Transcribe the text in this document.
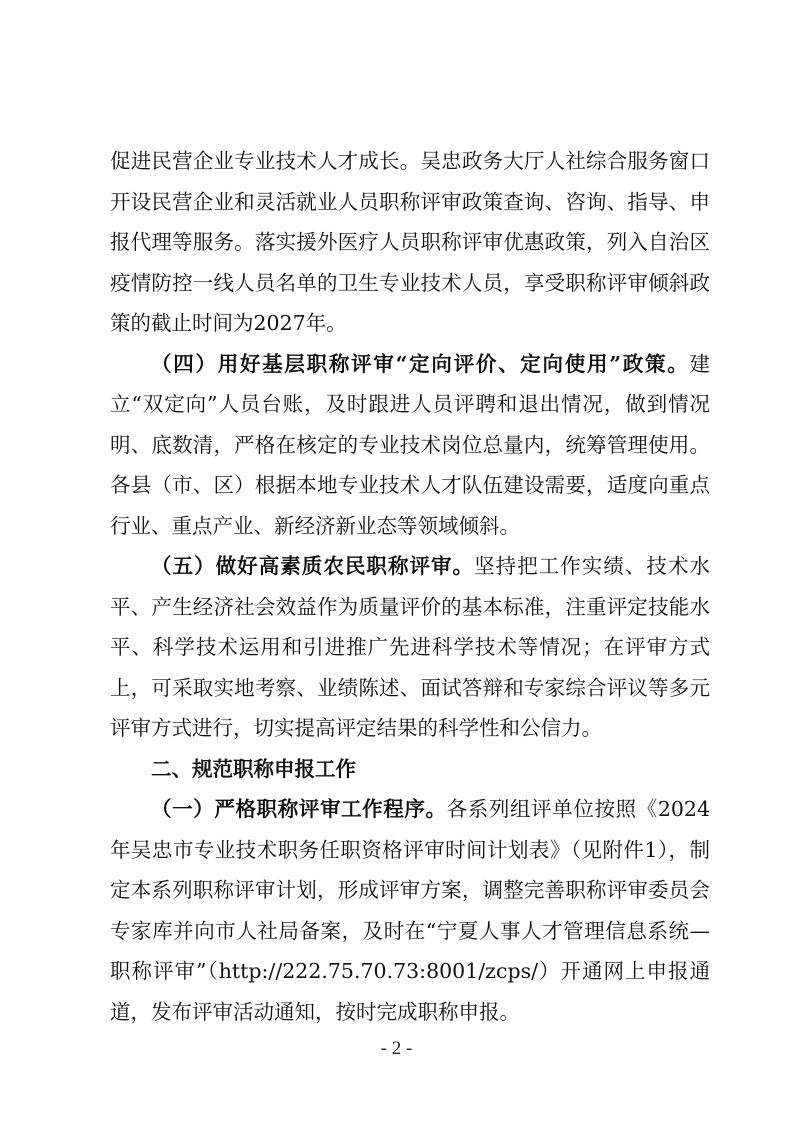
促进民营企业专业技术人才成长。吴忠政务大厅人社综合服务窗口开设民营企业和灵活就业人员职称评审政策查询、咨询、指导、申报代理等服务。落实援外医疗人员职称评审优惠政策，列入自治区疫情防控一线人员名单的卫生专业技术人员，享受职称评审倾斜政策的截止时间为2027年。

（四）用好基层职称评审“定向评价、定向使用”政策。建立“双定向”人员台账，及时跟进人员评聘和退出情况，做到情况明、底数清，严格在核定的专业技术岗位总量内，统筹管理使用。各县（市、区）根据本地专业技术人才队伍建设需要，适度向重点行业、重点产业、新经济新业态等领域倾斜。

（五）做好高素质农民职称评审。坚持把工作实绩、技术水平、产生经济社会效益作为质量评价的基本标准，注重评定技能水平、科学技术运用和引进推广先进科学技术等情况；在评审方式上，可采取实地考察、业绩陈述、面试答辩和专家综合评议等多元评审方式进行，切实提高评定结果的科学性和公信力。

二、规范职称申报工作

（一）严格职称评审工作程序。各系列组评单位按照《2024年吴忠市专业技术职务任职资格评审时间计划表》（见附件1），制定本系列职称评审计划，形成评审方案，调整完善职称评审委员会专家库并向市人社局备案，及时在“宁夏人事人才管理信息系统—职称评审”（http://222.75.70.73:8001/zcps/）开通网上申报通道，发布评审活动通知，按时完成职称申报。

- 2 -
